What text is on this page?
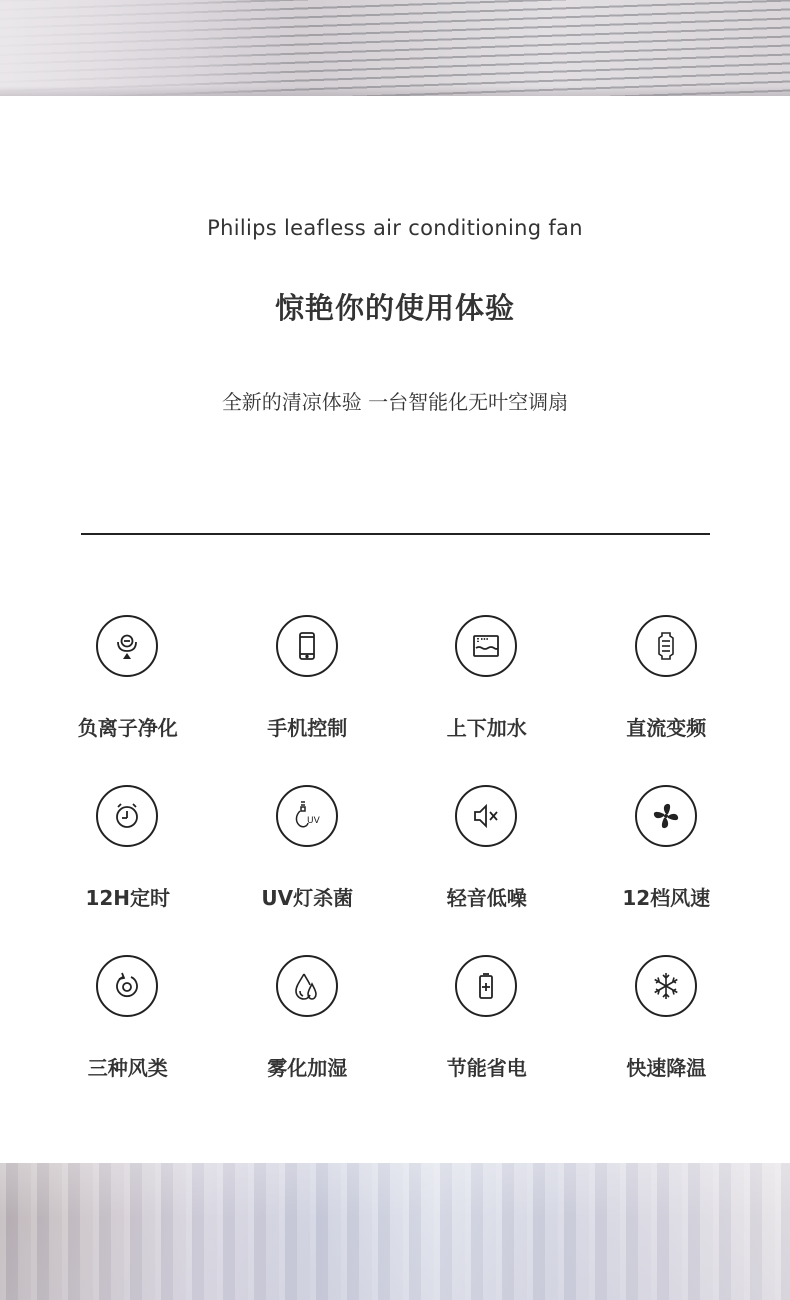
Philips leafless air conditioning fan
惊艳你的使用体验
全新的清凉体验 一台智能化无叶空调扇
负离子净化	手机控制	上下加水	直流变频
12H定时
UV
UV灯杀菌	轻音低噪	12档风速
三种风类	雾化加湿	节能省电	快速降温
